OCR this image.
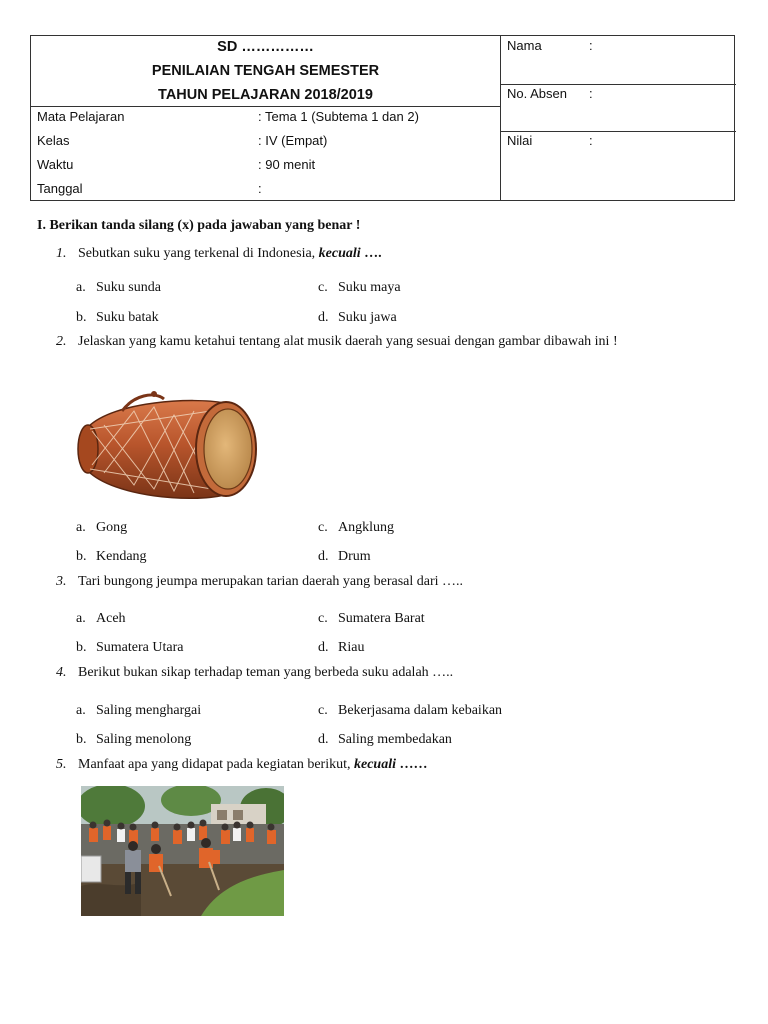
SD ……………
PENILAIAN TENGAH SEMESTER
TAHUN PELAJARAN 2018/2019
Mata Pelajaran	: Tema 1 (Subtema 1 dan 2)
Kelas	: IV (Empat)
Waktu	: 90 menit
Tanggal	:
Nama	:
No. Absen :
Nilai	:
I. Berikan tanda silang (x) pada jawaban yang benar !
1. Sebutkan suku yang terkenal di Indonesia, kecuali ….
a. Suku sunda
b. Suku batak
c. Suku maya
d. Suku jawa
2. Jelaskan yang kamu ketahui tentang alat musik daerah yang sesuai dengan gambar dibawah ini !
a. Gong
b. Kendang
c. Angklung
d. Drum
3. Tari bungong jeumpa merupakan tarian daerah yang berasal dari …..
a. Aceh
b. Sumatera Utara
c. Sumatera Barat
d. Riau
4. Berikut bukan sikap terhadap teman yang berbeda suku adalah …..
a. Saling menghargai
b. Saling menolong
c. Bekerjasama dalam kebaikan
d. Saling membedakan
5. Manfaat apa yang didapat pada kegiatan berikut, kecuali ……
